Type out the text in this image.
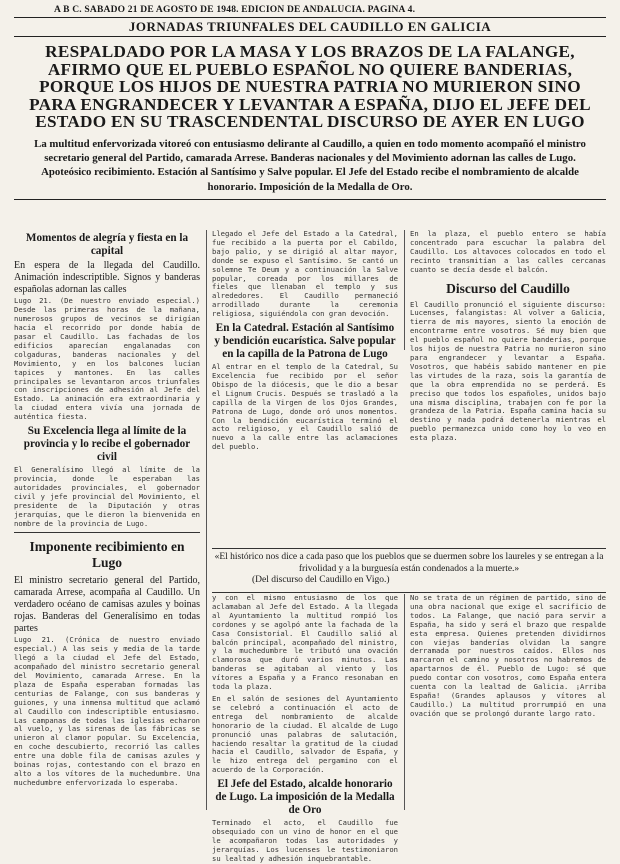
A B C. SABADO 21 DE AGOSTO DE 1948. EDICION DE ANDALUCIA. PAGINA 4.
JORNADAS TRIUNFALES DEL CAUDILLO EN GALICIA
RESPALDADO POR LA MASA Y LOS BRAZOS DE LA FALANGE, AFIRMO QUE EL PUEBLO ESPAÑOL NO QUIERE BANDERIAS, PORQUE LOS HIJOS DE NUESTRA PATRIA NO MURIERON SINO PARA ENGRANDECER Y LEVANTAR A ESPAÑA, DIJO EL JEFE DEL ESTADO EN SU TRASCENDENTAL DISCURSO DE AYER EN LUGO
La multitud enfervorizada vitoreó con entusiasmo delirante al Caudillo, a quien en todo momento acompañó el ministro secretario general del Partido, camarada Arrese. Banderas nacionales y del Movimiento adornan las calles de Lugo. Apoteósico recibimiento. Estación al Santísimo y Salve popular. El Jefe del Estado recibe el nombramiento de alcalde honorario. Imposición de la Medalla de Oro.
Momentos de alegría y fiesta en la capital
En espera de la llegada del Caudillo. Animación indescriptible. Signos y banderas españolas adornan las calles
Lugo 21. (De nuestro enviado especial.) Desde las primeras horas de la mañana, numerosos grupos de vecinos se dirigían hacia el recorrido por donde había de pasar el Caudillo. Las fachadas de los edificios aparecían engalanadas con colgaduras, banderas nacionales y del Movimiento, y en los balcones lucían tapices y mantones. En las calles principales se levantaron arcos triunfales con inscripciones de adhesión al Jefe del Estado. La animación era extraordinaria y la ciudad entera vivía una jornada de auténtica fiesta.
Su Excelencia llega al límite de la provincia y lo recibe el gobernador civil
El Generalísimo llegó al límite de la provincia, donde le esperaban las autoridades provinciales, el gobernador civil y jefe provincial del Movimiento, el presidente de la Diputación y otras jerarquías, que le dieron la bienvenida en nombre de la provincia de Lugo.
Imponente recibimiento en Lugo
El ministro secretario general del Partido, camarada Arrese, acompaña al Caudillo. Un verdadero océano de camisas azules y boinas rojas. Banderas del Generalísimo en todas partes
Lugo 21. (Crónica de nuestro enviado especial.) A las seis y media de la tarde llegó a la ciudad el Jefe del Estado, acompañado del ministro secretario general del Movimiento, camarada Arrese. En la plaza de España esperaban formadas las centurias de Falange, con sus banderas y guiones, y una inmensa multitud que aclamó al Caudillo con indescriptible entusiasmo. Las campanas de todas las iglesias echaron al vuelo, y las sirenas de las fábricas se unieron al clamor popular. Su Excelencia, en coche descubierto, recorrió las calles entre una doble fila de camisas azules y boinas rojas, contestando con el brazo en alto a los vítores de la muchedumbre. Una muchedumbre enfervorizada lo esperaba.
Llegado el Jefe del Estado a la Catedral, fue recibido a la puerta por el Cabildo, bajo palio, y se dirigió al altar mayor, donde se expuso el Santísimo. Se cantó un solemne Te Deum y a continuación la Salve popular, coreada por los millares de fieles que llenaban el templo y sus alrededores. El Caudillo permaneció arrodillado durante la ceremonia religiosa, siguiéndola con gran devoción.
En la Catedral. Estación al Santísimo y bendición eucarística. Salve popular en la capilla de la Patrona de Lugo
Al entrar en el templo de la Catedral, Su Excelencia fue recibido por el señor Obispo de la diócesis, que le dio a besar el Lignum Crucis. Después se trasladó a la capilla de la Virgen de los Ojos Grandes, Patrona de Lugo, donde oró unos momentos. Con la bendición eucarística terminó el acto religioso, y el Caudillo salió de nuevo a la calle entre las aclamaciones del pueblo.
En la plaza, el pueblo entero se había concentrado para escuchar la palabra del Caudillo. Los altavoces colocados en todo el recinto transmitían a las calles cercanas cuanto se decía desde el balcón.
Discurso del Caudillo
El Caudillo pronunció el siguiente discurso: Lucenses, falangistas: Al volver a Galicia, tierra de mis mayores, siento la emoción de encontrarme entre vosotros. Sé muy bien que el pueblo español no quiere banderías, porque los hijos de nuestra Patria no murieron sino para engrandecer y levantar a España. Vosotros, que habéis sabido mantener en pie las virtudes de la raza, sois la garantía de que la obra emprendida no se perderá. Es preciso que todos los españoles, unidos bajo una misma disciplina, trabajen con fe por la grandeza de la Patria. España camina hacia su destino y nada podrá detenerla mientras el pueblo permanezca unido como hoy lo veo en esta plaza.
«El histórico nos dice a cada paso que los pueblos que se duermen sobre los laureles y se entregan a la frivolidad y a la burguesía están condenados a la muerte.»
(Del discurso del Caudillo en Vigo.)
y con el mismo entusiasmo de los que aclamaban al Jefe del Estado. A la llegada al Ayuntamiento la multitud rompió los cordones y se agolpó ante la fachada de la Casa Consistorial. El Caudillo salió al balcón principal, acompañado del ministro, y la muchedumbre le tributó una ovación clamorosa que duró varios minutos. Las banderas se agitaban al viento y los vítores a España y a Franco resonaban en toda la plaza.
En el salón de sesiones del Ayuntamiento se celebró a continuación el acto de entrega del nombramiento de alcalde honorario de la ciudad. El alcalde de Lugo pronunció unas palabras de salutación, haciendo resaltar la gratitud de la ciudad hacia el Caudillo, salvador de España, y le hizo entrega del pergamino con el acuerdo de la Corporación.
El Jefe del Estado, alcalde honorario de Lugo. La imposición de la Medalla de Oro
Terminado el acto, el Caudillo fue obsequiado con un vino de honor en el que le acompañaron todas las autoridades y jerarquías. Los lucenses le testimoniaron su lealtad y adhesión inquebrantable.
No se trata de un régimen de partido, sino de una obra nacional que exige el sacrificio de todos. La Falange, que nació para servir a España, ha sido y será el brazo que respalde esta empresa. Quienes pretenden dividirnos con viejas banderías olvidan la sangre derramada por nuestros caídos. Ellos nos marcaron el camino y nosotros no habremos de apartarnos de él. Pueblo de Lugo: sé que puedo contar con vosotros, como España entera cuenta con la lealtad de Galicia. ¡Arriba España! (Grandes aplausos y vítores al Caudillo.) La multitud prorrumpió en una ovación que se prolongó durante largo rato.
